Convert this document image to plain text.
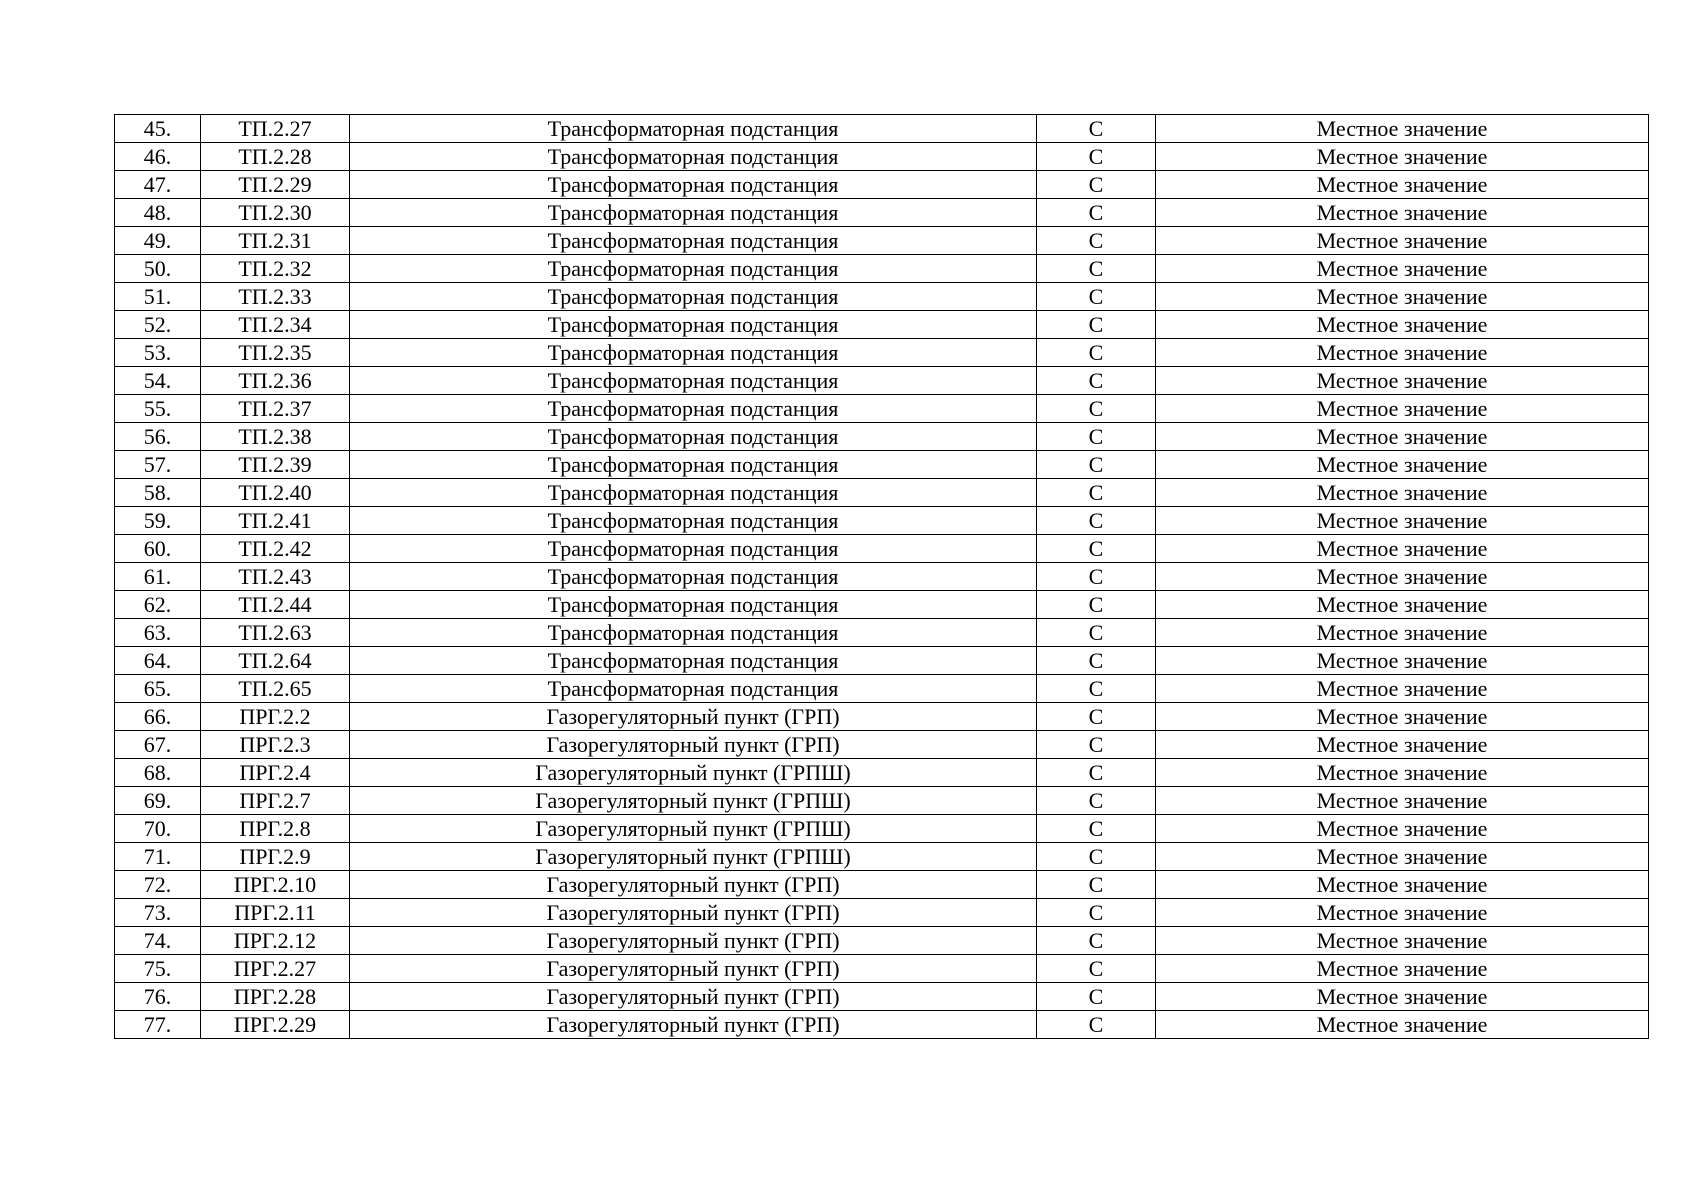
45.	ТП.2.27	Трансформаторная подстанция	С	Местное значение
46.	ТП.2.28	Трансформаторная подстанция	С	Местное значение
47.	ТП.2.29	Трансформаторная подстанция	С	Местное значение
48.	ТП.2.30	Трансформаторная подстанция	С	Местное значение
49.	ТП.2.31	Трансформаторная подстанция	С	Местное значение
50.	ТП.2.32	Трансформаторная подстанция	С	Местное значение
51.	ТП.2.33	Трансформаторная подстанция	С	Местное значение
52.	ТП.2.34	Трансформаторная подстанция	С	Местное значение
53.	ТП.2.35	Трансформаторная подстанция	С	Местное значение
54.	ТП.2.36	Трансформаторная подстанция	С	Местное значение
55.	ТП.2.37	Трансформаторная подстанция	С	Местное значение
56.	ТП.2.38	Трансформаторная подстанция	С	Местное значение
57.	ТП.2.39	Трансформаторная подстанция	С	Местное значение
58.	ТП.2.40	Трансформаторная подстанция	С	Местное значение
59.	ТП.2.41	Трансформаторная подстанция	С	Местное значение
60.	ТП.2.42	Трансформаторная подстанция	С	Местное значение
61.	ТП.2.43	Трансформаторная подстанция	С	Местное значение
62.	ТП.2.44	Трансформаторная подстанция	С	Местное значение
63.	ТП.2.63	Трансформаторная подстанция	С	Местное значение
64.	ТП.2.64	Трансформаторная подстанция	С	Местное значение
65.	ТП.2.65	Трансформаторная подстанция	С	Местное значение
66.	ПРГ.2.2	Газорегуляторный пункт (ГРП)	С	Местное значение
67.	ПРГ.2.3	Газорегуляторный пункт (ГРП)	С	Местное значение
68.	ПРГ.2.4	Газорегуляторный пункт (ГРПШ)	С	Местное значение
69.	ПРГ.2.7	Газорегуляторный пункт (ГРПШ)	С	Местное значение
70.	ПРГ.2.8	Газорегуляторный пункт (ГРПШ)	С	Местное значение
71.	ПРГ.2.9	Газорегуляторный пункт (ГРПШ)	С	Местное значение
72.	ПРГ.2.10	Газорегуляторный пункт (ГРП)	С	Местное значение
73.	ПРГ.2.11	Газорегуляторный пункт (ГРП)	С	Местное значение
74.	ПРГ.2.12	Газорегуляторный пункт (ГРП)	С	Местное значение
75.	ПРГ.2.27	Газорегуляторный пункт (ГРП)	С	Местное значение
76.	ПРГ.2.28	Газорегуляторный пункт (ГРП)	С	Местное значение
77.	ПРГ.2.29	Газорегуляторный пункт (ГРП)	С	Местное значение
